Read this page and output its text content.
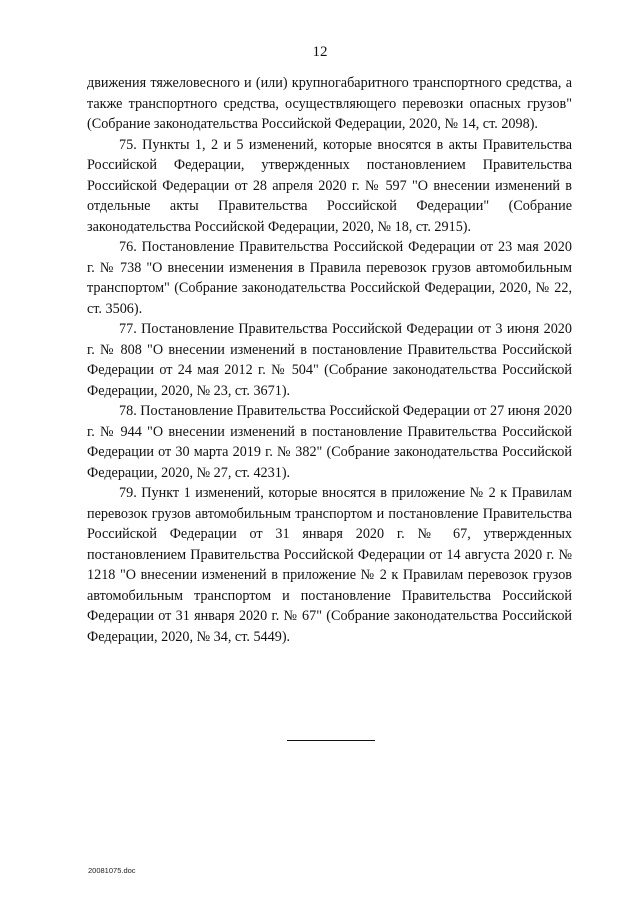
12

движения тяжеловесного и (или) крупногабаритного транспортного средства, а также транспортного средства, осуществляющего перевозки опасных грузов" (Собрание законодательства Российской Федерации, 2020, № 14, ст. 2098).

75. Пункты 1, 2 и 5 изменений, которые вносятся в акты Правительства Российской Федерации, утвержденных постановлением Правительства Российской Федерации от 28 апреля 2020 г. № 597 "О внесении изменений в отдельные акты Правительства Российской Федерации" (Собрание законодательства Российской Федерации, 2020, № 18, ст. 2915).

76. Постановление Правительства Российской Федерации от 23 мая 2020 г. № 738 "О внесении изменения в Правила перевозок грузов автомобильным транспортом" (Собрание законодательства Российской Федерации, 2020, № 22, ст. 3506).

77. Постановление Правительства Российской Федерации от 3 июня 2020 г. № 808 "О внесении изменений в постановление Правительства Российской Федерации от 24 мая 2012 г. № 504" (Собрание законодательства Российской Федерации, 2020, № 23, ст. 3671).

78. Постановление Правительства Российской Федерации от 27 июня 2020 г. № 944 "О внесении изменений в постановление Правительства Российской Федерации от 30 марта 2019 г. № 382" (Собрание законодательства Российской Федерации, 2020, № 27, ст. 4231).

79. Пункт 1 изменений, которые вносятся в приложение № 2 к Правилам перевозок грузов автомобильным транспортом и постановление Правительства Российской Федерации от 31 января 2020 г. № 67, утвержденных постановлением Правительства Российской Федерации от 14 августа 2020 г. № 1218 "О внесении изменений в приложение № 2 к Правилам перевозок грузов автомобильным транспортом и постановление Правительства Российской Федерации от 31 января 2020 г. № 67" (Собрание законодательства Российской Федерации, 2020, № 34, ст. 5449).

20081075.doc
